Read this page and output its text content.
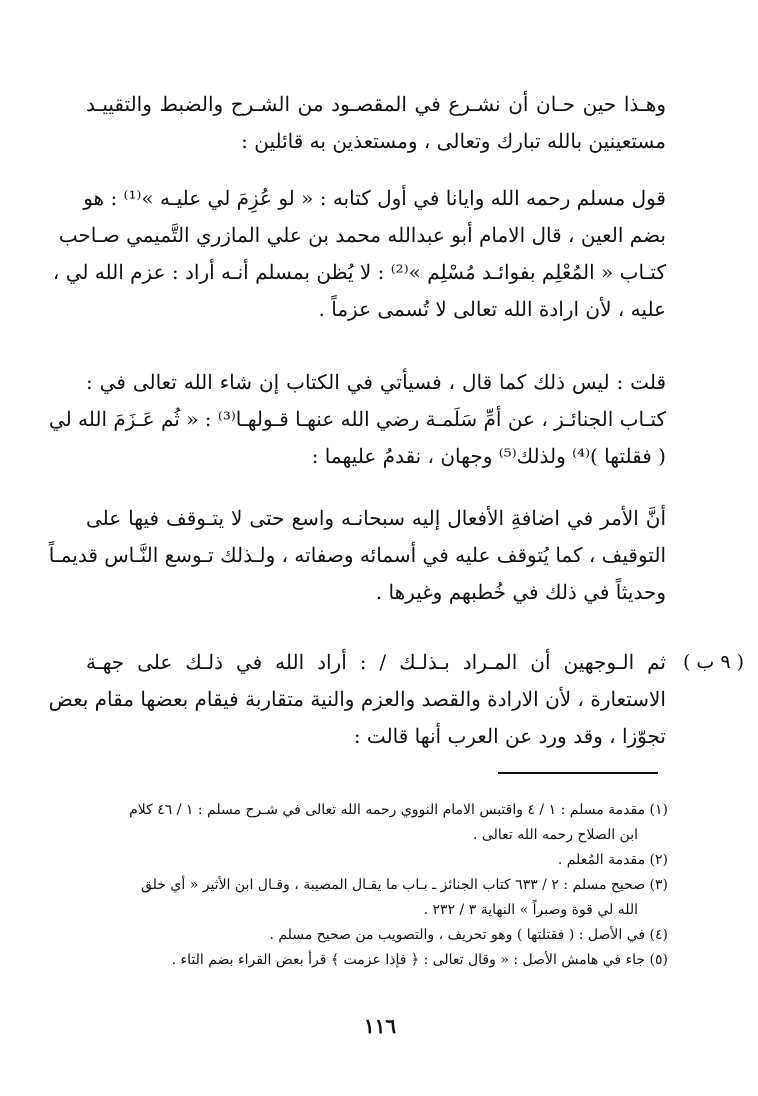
وهـذا حين حـان أن نشـرع في المقصـود من الشـرح والضبط والتقييـد
مستعينين بالله تبارك وتعالى ، ومستعذين به قائلين :

قول مسلم رحمه الله وايانا في أول كتابه : « لو عُزِمَ لي عليـه »⁽¹⁾ : هو
بضم العين ، قال الامام أبو عبدالله محمد بن علي المازري التَّميمي صـاحب
كتـاب « المُعْلِم بفوائـد مُسْلِم »⁽²⁾ : لا يُظن بمسلم أنـه أراد : عزم الله لي ،
عليه ، لأن ارادة الله تعالى لا تُسمى عزماً .

قلت : ليس ذلك كما قال ، فسيأتي في الكتاب إن شاء الله تعالى في :
كتـاب الجنائـز ، عن أمِّ سَلَمـة رضي الله عنهـا قـولهـا⁽³⁾ : « ثُم عَـزَمَ الله لي
( فقلتها )⁽⁴⁾ ولذلك⁽⁵⁾ وجهان ، نقدمُ عليهما :

أنَّ الأمر في اضافةِ الأفعال إليه سبحانـه واسع حتى لا يتـوقف فيها على
التوقيف ، كما يُتوقف عليه في أسمائه وصفاته ، ولـذلك تـوسع النَّـاس قديمـاً
وحديثاً في ذلك في خُطبهم وغيرها .

( ٩ ب )

ثم الـوجهين أن المـراد بـذلـك / : أراد الله في ذلـك على جهـة
الاستعارة ، لأن الارادة والقصد والعزم والنية متقاربة فيقام بعضها مقام بعض
تجوّزا ، وقد ورد عن العرب أنها قالت :

(١) مقدمة مسلم : ١ / ٤ واقتبس الامام النووي رحمه الله تعالى في شـرح مسلم : ١ / ٤٦ كلام
ابن الصلاح رحمه الله تعالى .
(٢) مقدمة المُعلم .
(٣) صحيح مسلم : ٢ / ٦٣٣ كتاب الجنائز ـ بـاب ما يقـال المصيبة ، وقـال ابن الأثير « أي خلق
الله لي قوة وصبراً » النهاية ٣ / ٢٣٢ .
(٤) في الأصل : ( فقتلتها ) وهو تحريف ، والتصويب من صحيح مسلم .
(٥) جاء في هامش الأصل : « وقال تعالى : ﴿ فإذا عزمت ﴾ قرأ بعض القراء بضم التاء .
١١٦
